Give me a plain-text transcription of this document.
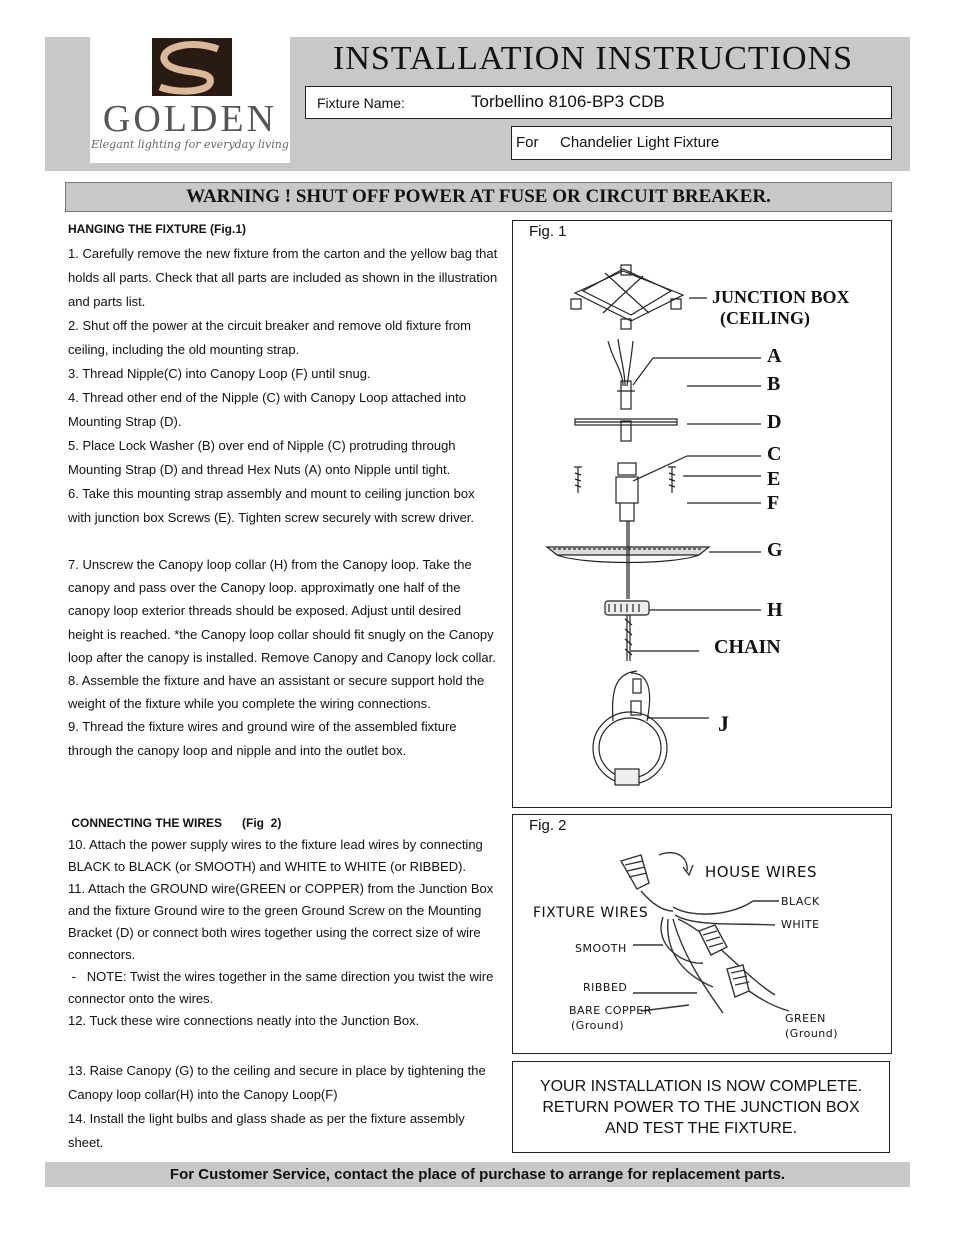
GOLDEN
Elegant lighting for everyday living
INSTALLATION INSTRUCTIONS
Fixture Name:	Torbellino 8106-BP3 CDB
For Chandelier Light Fixture
WARNING ! SHUT OFF POWER AT FUSE OR CIRCUIT BREAKER.
HANGING THE FIXTURE (Fig.1)
1. Carefully remove the new fixture from the carton and the yellow bag that holds all parts. Check that all parts are included as shown in the illustration and parts list.
2. Shut off the power at the circuit breaker and remove old fixture from ceiling, including the old mounting strap.
3. Thread Nipple(C) into Canopy Loop (F) until snug.
4. Thread other end of the Nipple (C) with Canopy Loop attached into Mounting Strap (D).
5. Place Lock Washer (B) over end of Nipple (C) protruding through Mounting Strap (D) and thread Hex Nuts (A) onto Nipple until tight.
6. Take this mounting strap assembly and mount to ceiling junction box with junction box Screws (E). Tighten screw securely with screw driver.
7. Unscrew the Canopy loop collar (H) from the Canopy loop. Take the canopy and pass over the Canopy loop. approximatly one half of the canopy loop exterior threads should be exposed. Adjust until desired height is reached. *the Canopy loop collar should fit snugly on the Canopy loop after the canopy is installed. Remove Canopy and Canopy lock collar.
8. Assemble the fixture and have an assistant or secure support hold the weight of the fixture while you complete the wiring connections.
9. Thread the fixture wires and ground wire of the assembled fixture through the canopy loop and nipple and into the outlet box.
CONNECTING THE WIRES      (Fig  2)
10. Attach the power supply wires to the fixture lead wires by connecting BLACK to BLACK (or SMOOTH) and WHITE to WHITE (or RIBBED).
11. Attach the GROUND wire(GREEN or COPPER) from the Junction Box and the fixture Ground wire to the green Ground Screw on the Mounting Bracket (D) or connect both wires together using the correct size of wire connectors.
-   NOTE: Twist the wires together in the same direction you twist the wire connector onto the wires.
12. Tuck these wire connections neatly into the Junction Box.
13. Raise Canopy (G) to the ceiling and secure in place by tightening the Canopy loop collar(H) into the Canopy Loop(F)
14. Install the light bulbs and glass shade as per the fixture assembly sheet.
Fig. 1
JUNCTION BOX
(CEILING)
A
B
D
C
E
F
G
H
CHAIN
J
Fig. 2
HOUSE WIRES
FIXTURE WIRES
BLACK
WHITE
SMOOTH
RIBBED
BARE COPPER
(Ground)
GREEN
(Ground)
YOUR INSTALLATION IS NOW COMPLETE.
RETURN POWER TO THE JUNCTION BOX
AND TEST THE FIXTURE.
For Customer Service, contact the place of purchase to arrange for replacement parts.
